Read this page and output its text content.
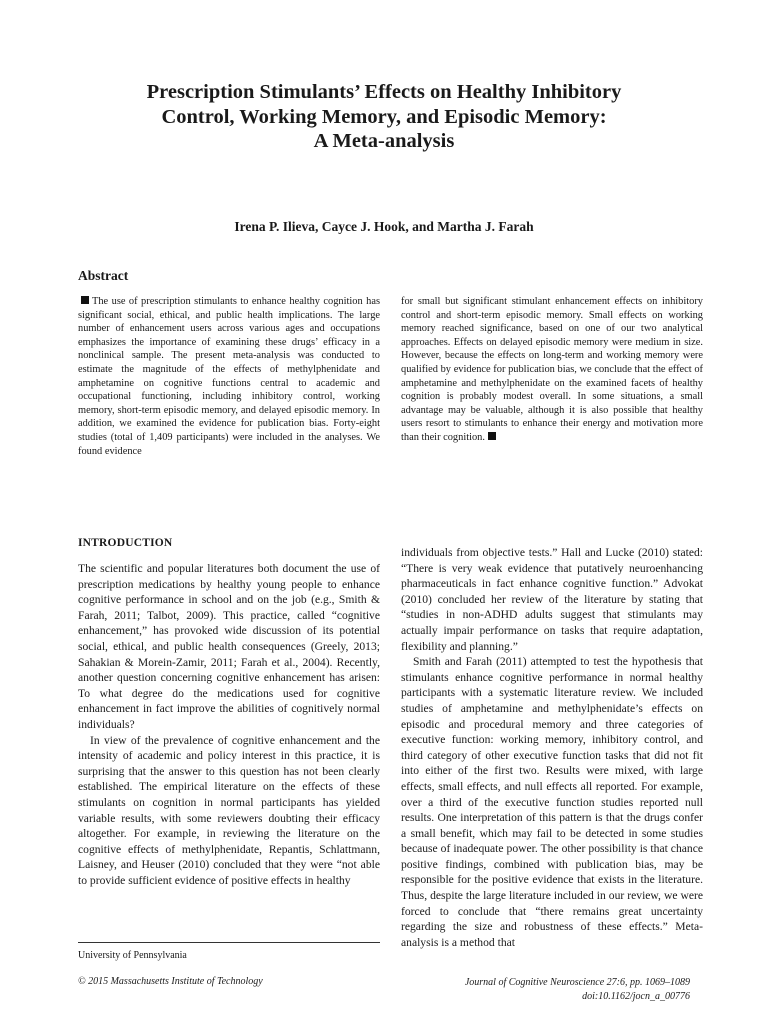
Prescription Stimulants’ Effects on Healthy Inhibitory
Control, Working Memory, and Episodic Memory:
A Meta-analysis

Irena P. Ilieva, Cayce J. Hook, and Martha J. Farah

Abstract

The use of prescription stimulants to enhance healthy cognition has significant social, ethical, and public health implications. The large number of enhancement users across various ages and occupations emphasizes the importance of examining these drugs’ efficacy in a nonclinical sample. The present meta-analysis was conducted to estimate the magnitude of the effects of methylphenidate and amphetamine on cognitive functions central to academic and occupational functioning, including inhibitory control, working memory, short-term episodic memory, and delayed episodic memory. In addition, we examined the evidence for publication bias. Forty-eight studies (total of 1,409 participants) were included in the analyses. We found evidence

for small but significant stimulant enhancement effects on inhibitory control and short-term episodic memory. Small effects on working memory reached significance, based on one of our two analytical approaches. Effects on delayed episodic memory were medium in size. However, because the effects on long-term and working memory were qualified by evidence for publication bias, we conclude that the effect of amphetamine and methylphenidate on the examined facets of healthy cognition is probably modest overall. In some situations, a small advantage may be valuable, although it is also possible that healthy users resort to stimulants to enhance their energy and motivation more than their cognition.

INTRODUCTION

The scientific and popular literatures both document the use of prescription medications by healthy young people to enhance cognitive performance in school and on the job (e.g., Smith & Farah, 2011; Talbot, 2009). This practice, called “cognitive enhancement,” has provoked wide discussion of its potential social, ethical, and public health consequences (Greely, 2013; Sahakian & Morein-Zamir, 2011; Farah et al., 2004). Recently, another question concerning cognitive enhancement has arisen: To what degree do the medications used for cognitive enhancement in fact improve the abilities of cognitively normal individuals?

In view of the prevalence of cognitive enhancement and the intensity of academic and policy interest in this practice, it is surprising that the answer to this question has not been clearly established. The empirical literature on the effects of these stimulants on cognition in normal participants has yielded variable results, with some reviewers doubting their efficacy altogether. For example, in reviewing the literature on the cognitive effects of methylphenidate, Repantis, Schlattmann, Laisney, and Heuser (2010) concluded that they were “not able to provide sufficient evidence of positive effects in healthy

individuals from objective tests.” Hall and Lucke (2010) stated: “There is very weak evidence that putatively neuroenhancing pharmaceuticals in fact enhance cognitive function.” Advokat (2010) concluded her review of the literature by stating that “studies in non-ADHD adults suggest that stimulants may actually impair performance on tasks that require adaptation, flexibility and planning.”

Smith and Farah (2011) attempted to test the hypothesis that stimulants enhance cognitive performance in normal healthy participants with a systematic literature review. We included studies of amphetamine and methylphenidate’s effects on episodic and procedural memory and three categories of executive function: working memory, inhibitory control, and third category of other executive function tasks that did not fit into either of the first two. Results were mixed, with large effects, small effects, and null effects all reported. For example, over a third of the executive function studies reported null results. One interpretation of this pattern is that the drugs confer a small benefit, which may fail to be detected in some studies because of inadequate power. The other possibility is that chance positive findings, combined with publication bias, may be responsible for the positive evidence that exists in the literature. Thus, despite the large literature included in our review, we were forced to conclude that “there remains great uncertainty regarding the size and robustness of these effects.” Meta-analysis is a method that

University of Pennsylvania

© 2015 Massachusetts Institute of Technology	Journal of Cognitive Neuroscience 27:6, pp. 1069–1089
doi:10.1162/jocn_a_00776
